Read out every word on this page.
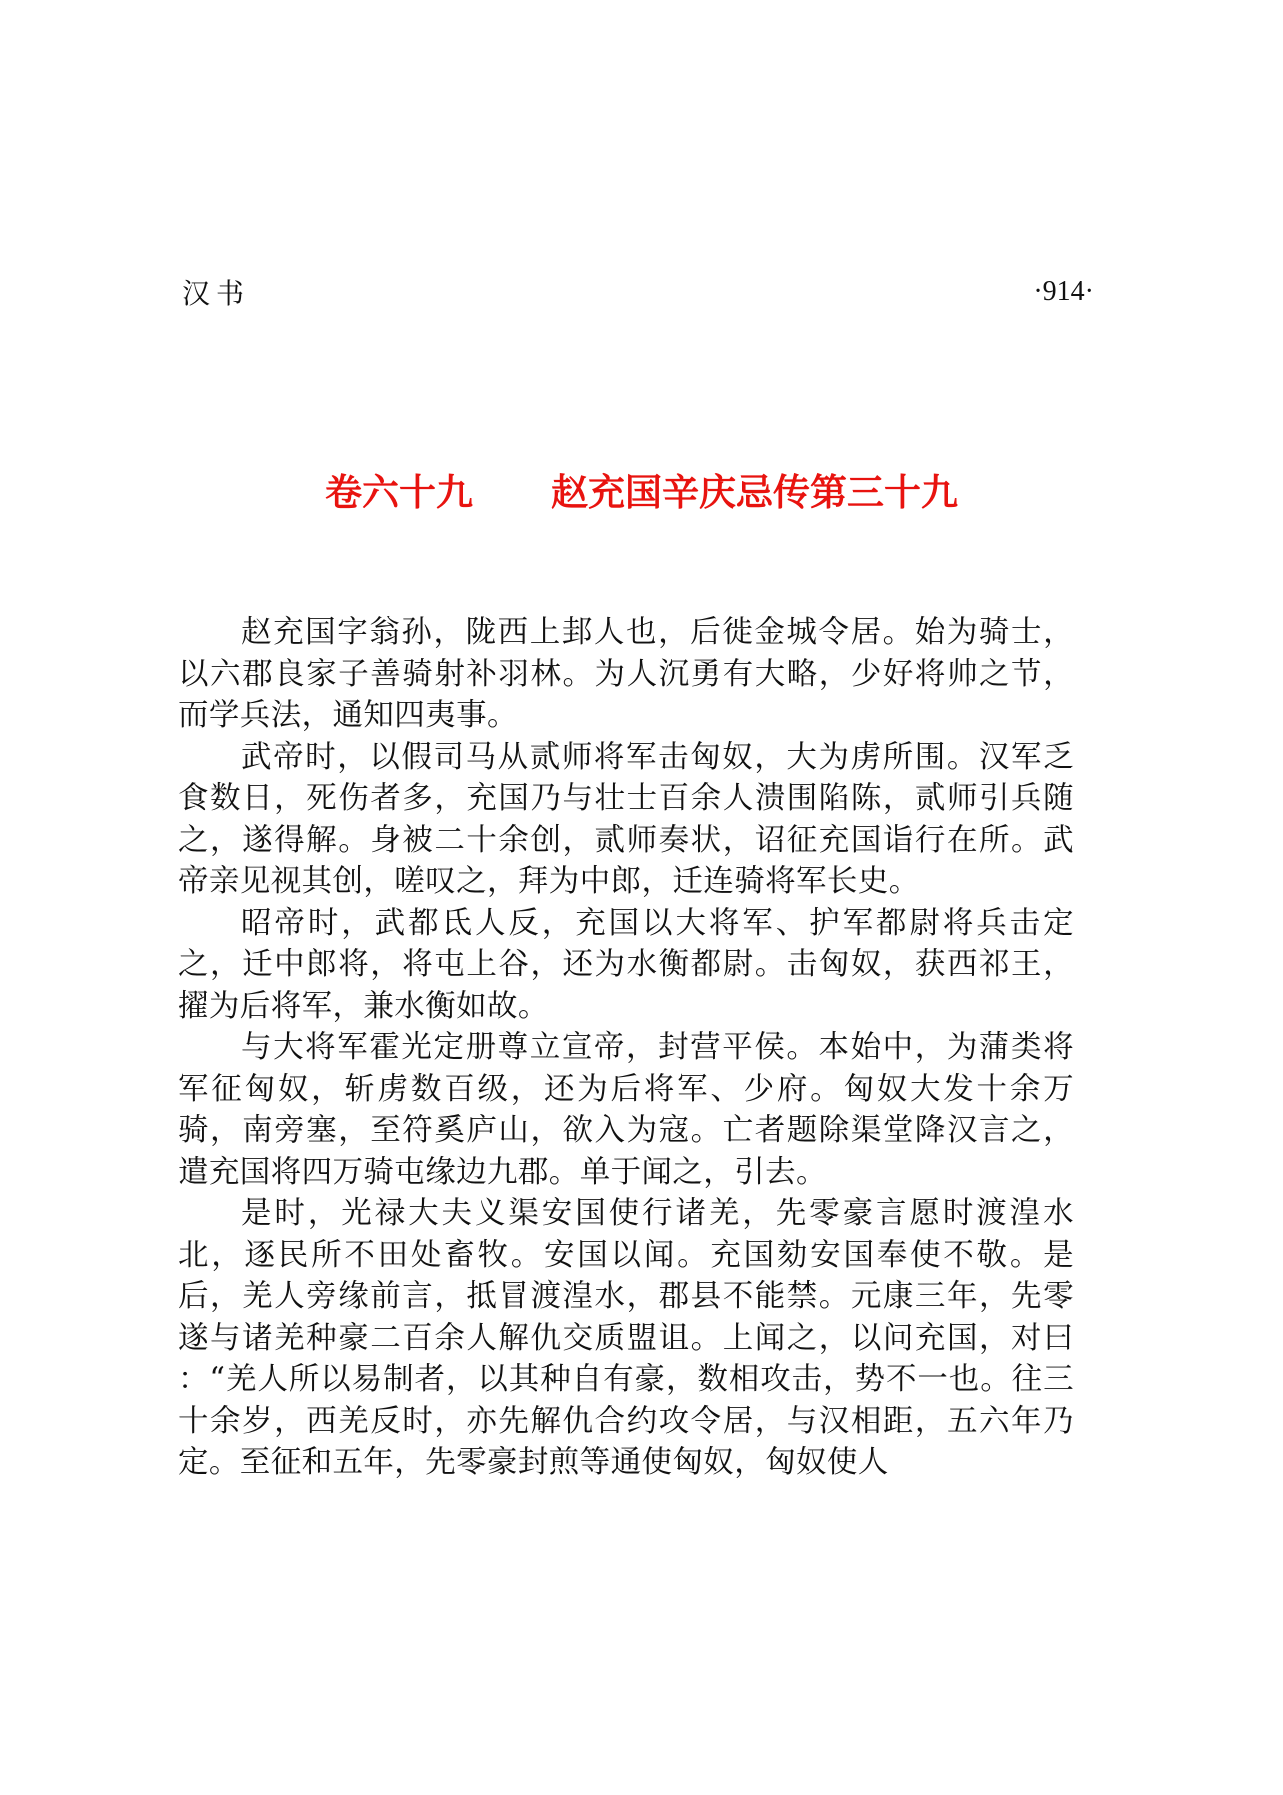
汉书	·914·
卷六十九 赵充国辛庆忌传第三十九

赵充国字翁孙，陇西上邽人也，后徙金城令居。始为骑士，以六郡良家子善骑射补羽林。为人沉勇有大略，少好将帅之节，而学兵法，通知四夷事。

武帝时，以假司马从贰师将军击匈奴，大为虏所围。汉军乏食数日，死伤者多，充国乃与壮士百余人溃围陷陈，贰师引兵随之，遂得解。身被二十余创，贰师奏状，诏征充国诣行在所。武帝亲见视其创，嗟叹之，拜为中郎，迁连骑将军长史。

昭帝时，武都氐人反，充国以大将军、护军都尉将兵击定之，迁中郎将，将屯上谷，还为水衡都尉。击匈奴，获西祁王，擢为后将军，兼水衡如故。

与大将军霍光定册尊立宣帝，封营平侯。本始中，为蒲类将军征匈奴，斩虏数百级，还为后将军、少府。匈奴大发十余万骑，南旁塞，至符奚庐山，欲入为寇。亡者题除渠堂降汉言之，遣充国将四万骑屯缘边九郡。单于闻之，引去。

是时，光禄大夫义渠安国使行诸羌，先零豪言愿时渡湟水北，逐民所不田处畜牧。安国以闻。充国劾安国奉使不敬。是后，羌人旁缘前言，抵冒渡湟水，郡县不能禁。元康三年，先零遂与诸羌种豪二百余人解仇交质盟诅。上闻之，以问充国，对曰 ：“羌人所以易制者，以其种自有豪，数相攻击，势不一也。往三十余岁，西羌反时，亦先解仇合约攻令居，与汉相距，五六年乃定。至征和五年，先零豪封煎等通使匈奴，匈奴使人
